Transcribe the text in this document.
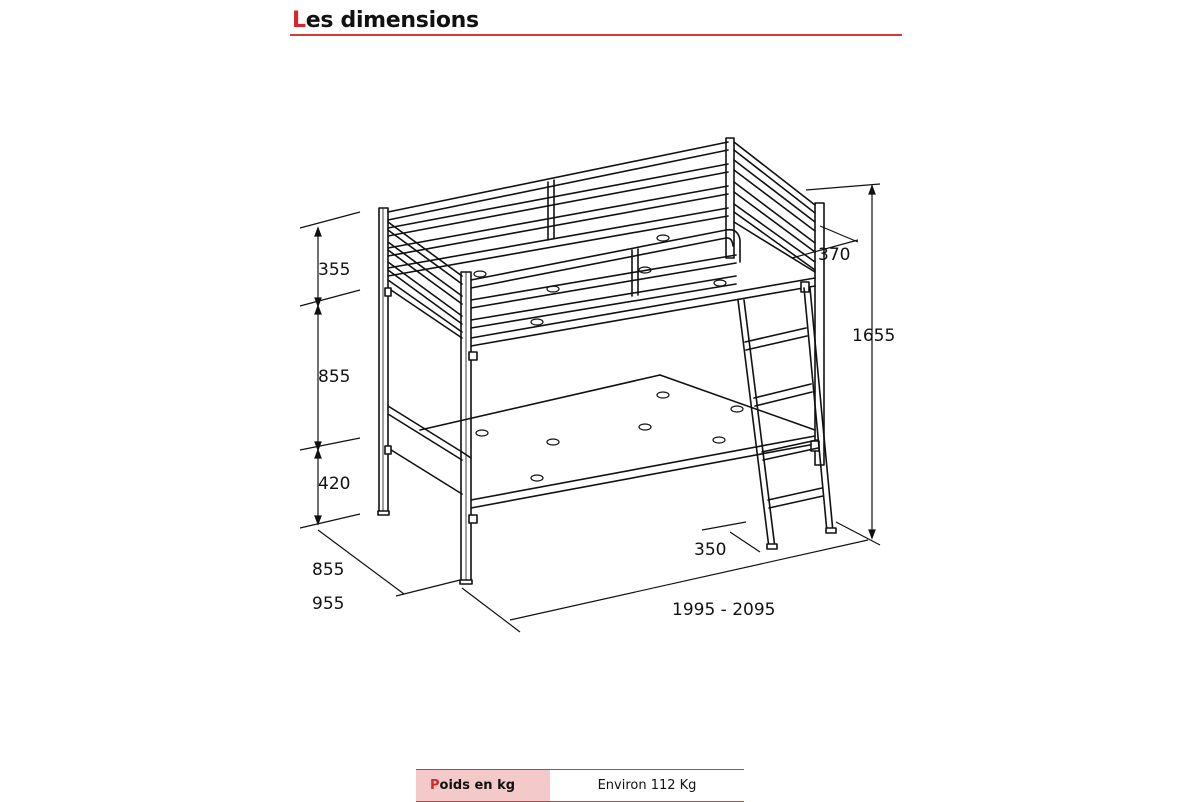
Les dimensions
355
855
420
855
955	1995 - 2095
350
370
1655
P oids en kg	Environ 112 Kg
